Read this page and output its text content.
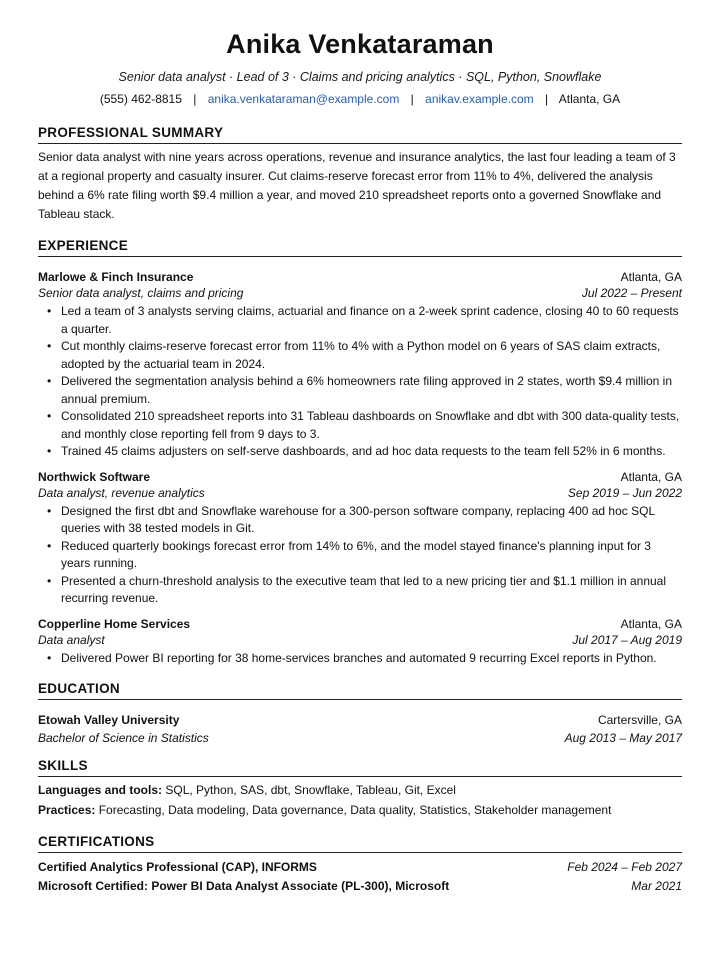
Anika Venkataraman
Senior data analyst · Lead of 3 · Claims and pricing analytics · SQL, Python, Snowflake
(555) 462-8815 | anika.venkataraman@example.com | anikav.example.com | Atlanta, GA
PROFESSIONAL SUMMARY
Senior data analyst with nine years across operations, revenue and insurance analytics, the last four leading a team of 3 at a regional property and casualty insurer. Cut claims-reserve forecast error from 11% to 4%, delivered the analysis behind a 6% rate filing worth $9.4 million a year, and moved 210 spreadsheet reports onto a governed Snowflake and Tableau stack.
EXPERIENCE
Marlowe & Finch Insurance	Atlanta, GA
Senior data analyst, claims and pricing	Jul 2022 – Present
• Led a team of 3 analysts serving claims, actuarial and finance on a 2-week sprint cadence, closing 40 to 60 requests a quarter.
• Cut monthly claims-reserve forecast error from 11% to 4% with a Python model on 6 years of SAS claim extracts, adopted by the actuarial team in 2024.
• Delivered the segmentation analysis behind a 6% homeowners rate filing approved in 2 states, worth $9.4 million in annual premium.
• Consolidated 210 spreadsheet reports into 31 Tableau dashboards on Snowflake and dbt with 300 data-quality tests, and monthly close reporting fell from 9 days to 3.
• Trained 45 claims adjusters on self-serve dashboards, and ad hoc data requests to the team fell 52% in 6 months.
Northwick Software	Atlanta, GA
Data analyst, revenue analytics	Sep 2019 – Jun 2022
• Designed the first dbt and Snowflake warehouse for a 300-person software company, replacing 400 ad hoc SQL queries with 38 tested models in Git.
• Reduced quarterly bookings forecast error from 14% to 6%, and the model stayed finance's planning input for 3 years running.
• Presented a churn-threshold analysis to the executive team that led to a new pricing tier and $1.1 million in annual recurring revenue.
Copperline Home Services	Atlanta, GA
Data analyst	Jul 2017 – Aug 2019
• Delivered Power BI reporting for 38 home-services branches and automated 9 recurring Excel reports in Python.
EDUCATION
Etowah Valley University	Cartersville, GA
Bachelor of Science in Statistics	Aug 2013 – May 2017
SKILLS
Languages and tools: SQL, Python, SAS, dbt, Snowflake, Tableau, Git, Excel
Practices: Forecasting, Data modeling, Data governance, Data quality, Statistics, Stakeholder management
CERTIFICATIONS
Certified Analytics Professional (CAP), INFORMS	Feb 2024 – Feb 2027
Microsoft Certified: Power BI Data Analyst Associate (PL-300), Microsoft	Mar 2021
